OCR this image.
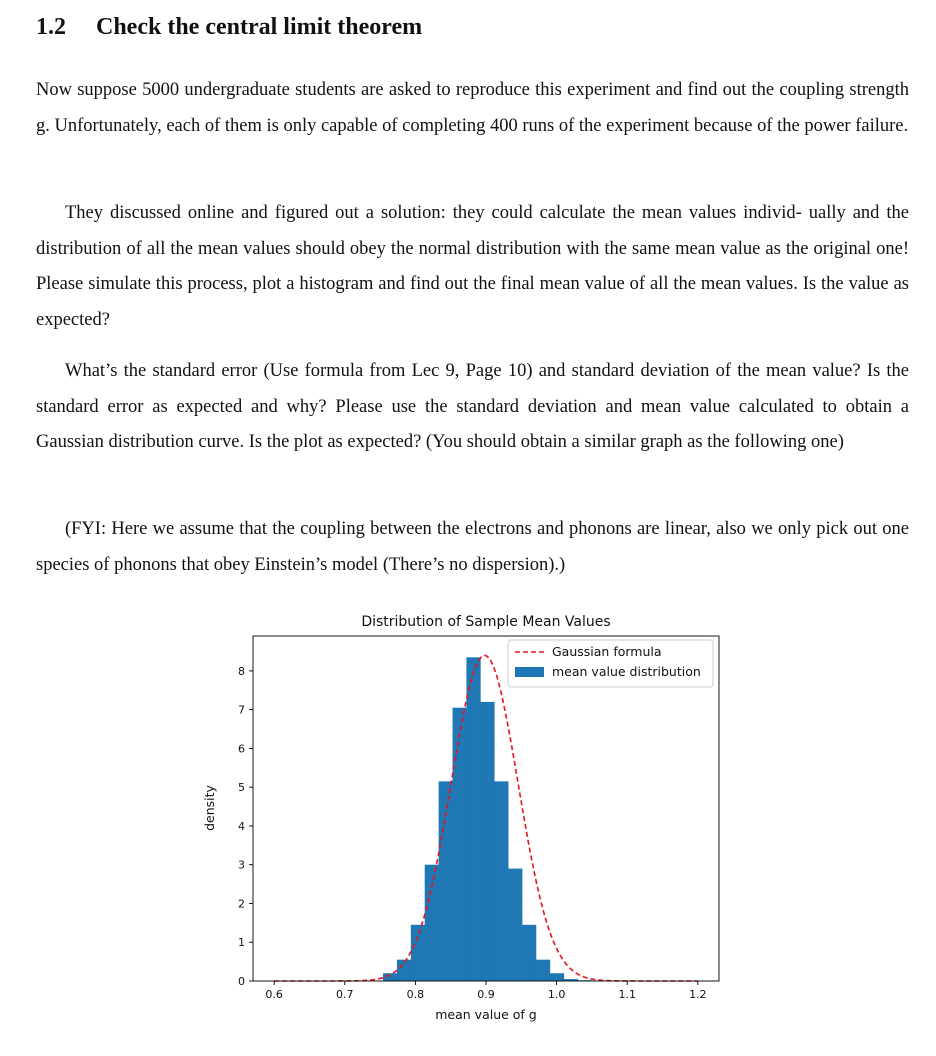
1.2 Check the central limit theorem

Now suppose 5000 undergraduate students are asked to reproduce this experiment and find out the coupling strength g. Unfortunately, each of them is only capable of completing 400 runs of the experiment because of the power failure.

They discussed online and figured out a solution: they could calculate the mean values individ- ually and the distribution of all the mean values should obey the normal distribution with the same mean value as the original one! Please simulate this process, plot a histogram and find out the final mean value of all the mean values. Is the value as expected?

What’s the standard error (Use formula from Lec 9, Page 10) and standard deviation of the mean value? Is the standard error as expected and why? Please use the standard deviation and mean value calculated to obtain a Gaussian distribution curve. Is the plot as expected? (You should obtain a similar graph as the following one)

(FYI: Here we assume that the coupling between the electrons and phonons are linear, also we only pick out one species of phonons that obey Einstein’s model (There’s no dispersion).)

Distribution of Sample Mean Values
0.6	0.7	0.8	0.9	1.0	1.1	1.2
0
1
2
3
4
5
6
7
8
mean value of g
density
Gaussian formula
mean value distribution
